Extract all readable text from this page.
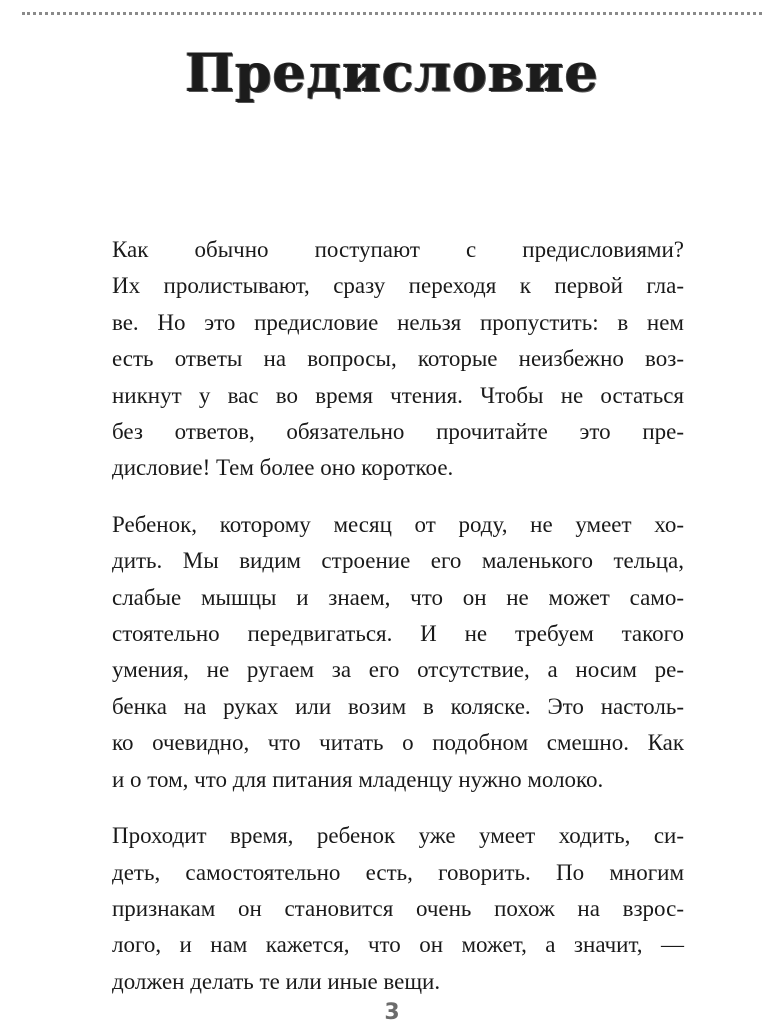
Предисловие

Как обычно поступают с предисловиями?
Их пролистывают, сразу переходя к первой гла-
ве. Но это предисловие нельзя пропустить: в нем
есть ответы на вопросы, которые неизбежно воз-
никнут у вас во время чтения. Чтобы не остаться
без ответов, обязательно прочитайте это пре-
дисловие! Тем более оно короткое.

Ребенок, которому месяц от роду, не умеет хо-
дить. Мы видим строение его маленького тельца,
слабые мышцы и знаем, что он не может само-
стоятельно передвигаться. И не требуем такого
умения, не ругаем за его отсутствие, а носим ре-
бенка на руках или возим в коляске. Это настоль-
ко очевидно, что читать о подобном смешно. Как
и о том, что для питания младенцу нужно молоко.

Проходит время, ребенок уже умеет ходить, си-
деть, самостоятельно есть, говорить. По многим
признакам он становится очень похож на взрос-
лого, и нам кажется, что он может, а значит, —
должен делать те или иные вещи.

3
